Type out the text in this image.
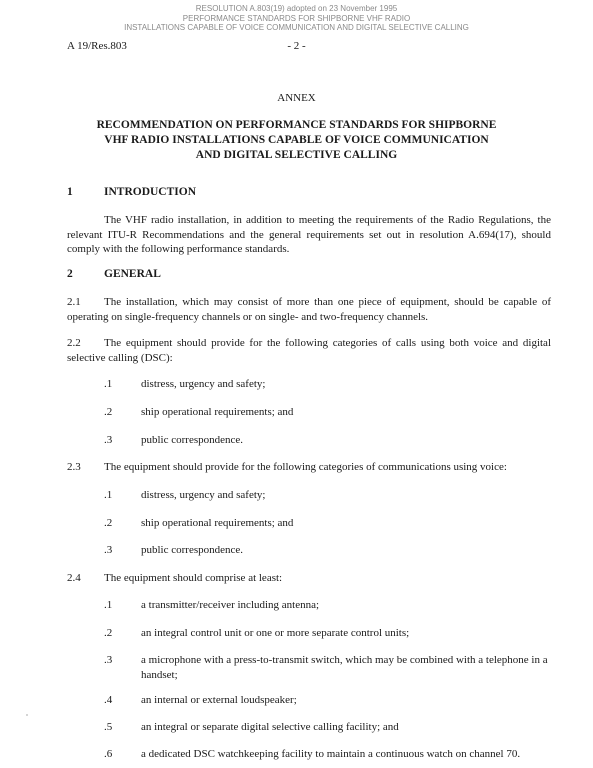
RESOLUTION A.803(19) adopted on 23 November 1995
PERFORMANCE STANDARDS FOR SHIPBORNE VHF RADIO
INSTALLATIONS CAPABLE OF VOICE COMMUNICATION AND DIGITAL SELECTIVE CALLING
A 19/Res.803	- 2 -
ANNEX
RECOMMENDATION ON PERFORMANCE STANDARDS FOR SHIPBORNE
VHF RADIO INSTALLATIONS CAPABLE OF VOICE COMMUNICATION
AND DIGITAL SELECTIVE CALLING
1	INTRODUCTION
The VHF radio installation, in addition to meeting the requirements of the Radio Regulations, the relevant ITU-R Recommendations and the general requirements set out in resolution A.694(17), should comply with the following performance standards.
2	GENERAL
2.1 The installation, which may consist of more than one piece of equipment, should be capable of operating on single-frequency channels or on single- and two-frequency channels.
2.2 The equipment should provide for the following categories of calls using both voice and digital selective calling (DSC):
.1	distress, urgency and safety;
.2	ship operational requirements; and
.3	public correspondence.
2.3 The equipment should provide for the following categories of communications using voice:
.1	distress, urgency and safety;
.2	ship operational requirements; and
.3	public correspondence.
2.4 The equipment should comprise at least:
.1	a transmitter/receiver including antenna;
.2	an integral control unit or one or more separate control units;
.3	a microphone with a press-to-transmit switch, which may be combined with a telephone in a handset;
.4	an internal or external loudspeaker;
.5	an integral or separate digital selective calling facility; and
.6	a dedicated DSC watchkeeping facility to maintain a continuous watch on channel 70.
